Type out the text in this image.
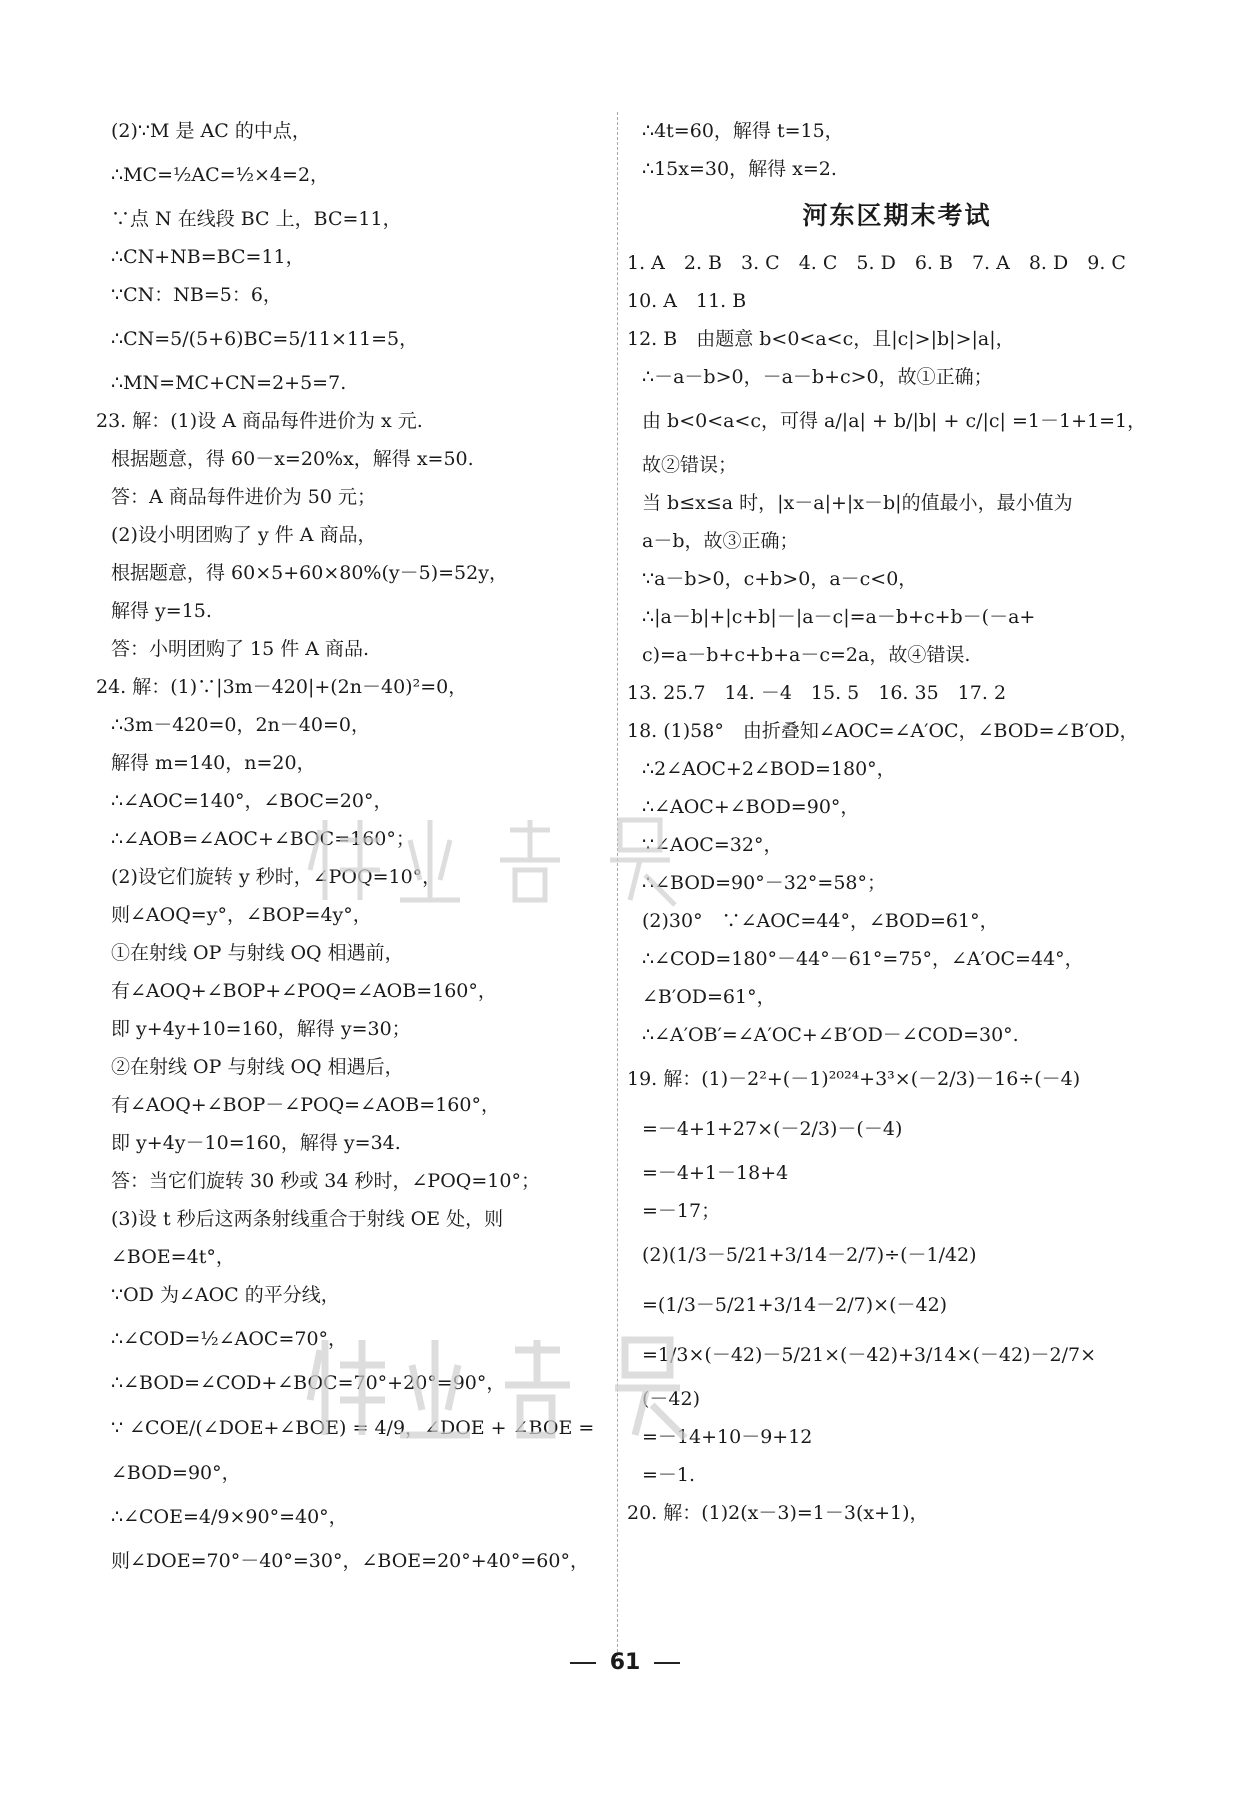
(2)∵M 是 AC 的中点，
∴MC=½AC=½×4=2，
∵点 N 在线段 BC 上，BC=11，
∴CN+NB=BC=11，
∵CN：NB=5：6，
∴CN=5/(5+6)BC=5/11×11=5，
∴MN=MC+CN=2+5=7.
23. 解：(1)设 A 商品每件进价为 x 元.
根据题意，得 60－x=20%x，解得 x=50.
答：A 商品每件进价为 50 元；
(2)设小明团购了 y 件 A 商品，
根据题意，得 60×5+60×80%(y－5)=52y，
解得 y=15.
答：小明团购了 15 件 A 商品.
24. 解：(1)∵|3m－420|+(2n－40)²=0，
∴3m－420=0，2n－40=0，
解得 m=140，n=20，
∴∠AOC=140°，∠BOC=20°，
∴∠AOB=∠AOC+∠BOC=160°；
(2)设它们旋转 y 秒时，∠POQ=10°，
则∠AOQ=y°，∠BOP=4y°，
①在射线 OP 与射线 OQ 相遇前，
有∠AOQ+∠BOP+∠POQ=∠AOB=160°，
即 y+4y+10=160，解得 y=30；
②在射线 OP 与射线 OQ 相遇后，
有∠AOQ+∠BOP－∠POQ=∠AOB=160°，
即 y+4y－10=160，解得 y=34.
答：当它们旋转 30 秒或 34 秒时，∠POQ=10°；
(3)设 t 秒后这两条射线重合于射线 OE 处，则
∠BOE=4t°，
∵OD 为∠AOC 的平分线，
∴∠COD=½∠AOC=70°，
∴∠BOD=∠COD+∠BOC=70°+20°=90°，
∵ ∠COE/(∠DOE+∠BOE) = 4/9，∠DOE + ∠BOE =
∠BOD=90°，
∴∠COE=4/9×90°=40°，
则∠DOE=70°－40°=30°，∠BOE=20°+40°=60°，
∴4t=60，解得 t=15，
∴15x=30，解得 x=2.
河东区期末考试
1. A　2. B　3. C　4. C　5. D　6. B　7. A　8. D　9. C
10. A　11. B
12. B　由题意 b<0<a<c，且|c|>|b|>|a|，
∴－a－b>0，－a－b+c>0，故①正确；
由 b<0<a<c，可得 a/|a| + b/|b| + c/|c| =1－1+1=1，
故②错误；
当 b≤x≤a 时，|x－a|+|x－b|的值最小，最小值为
a－b，故③正确；
∵a－b>0，c+b>0，a－c<0，
∴|a－b|+|c+b|－|a－c|=a－b+c+b－(－a+
c)=a－b+c+b+a－c=2a，故④错误.
13. 25.7　14. －4　15. 5　16. 35　17. 2
18. (1)58°　由折叠知∠AOC=∠A′OC，∠BOD=∠B′OD，
∴2∠AOC+2∠BOD=180°，
∴∠AOC+∠BOD=90°，
∵∠AOC=32°，
∴∠BOD=90°－32°=58°；
(2)30°　∵∠AOC=44°，∠BOD=61°，
∴∠COD=180°－44°－61°=75°，∠A′OC=44°，
∠B′OD=61°，
∴∠A′OB′=∠A′OC+∠B′OD－∠COD=30°.
19. 解：(1)－2²+(－1)²⁰²⁴+3³×(－2/3)－16÷(－4)
=－4+1+27×(－2/3)－(－4)
=－4+1－18+4
=－17；
(2)(1/3－5/21+3/14－2/7)÷(－1/42)
=(1/3－5/21+3/14－2/7)×(－42)
=1/3×(－42)－5/21×(－42)+3/14×(－42)－2/7×
(－42)
=－14+10－9+12
=－1.
20. 解：(1)2(x－3)=1－3(x+1)，
61
